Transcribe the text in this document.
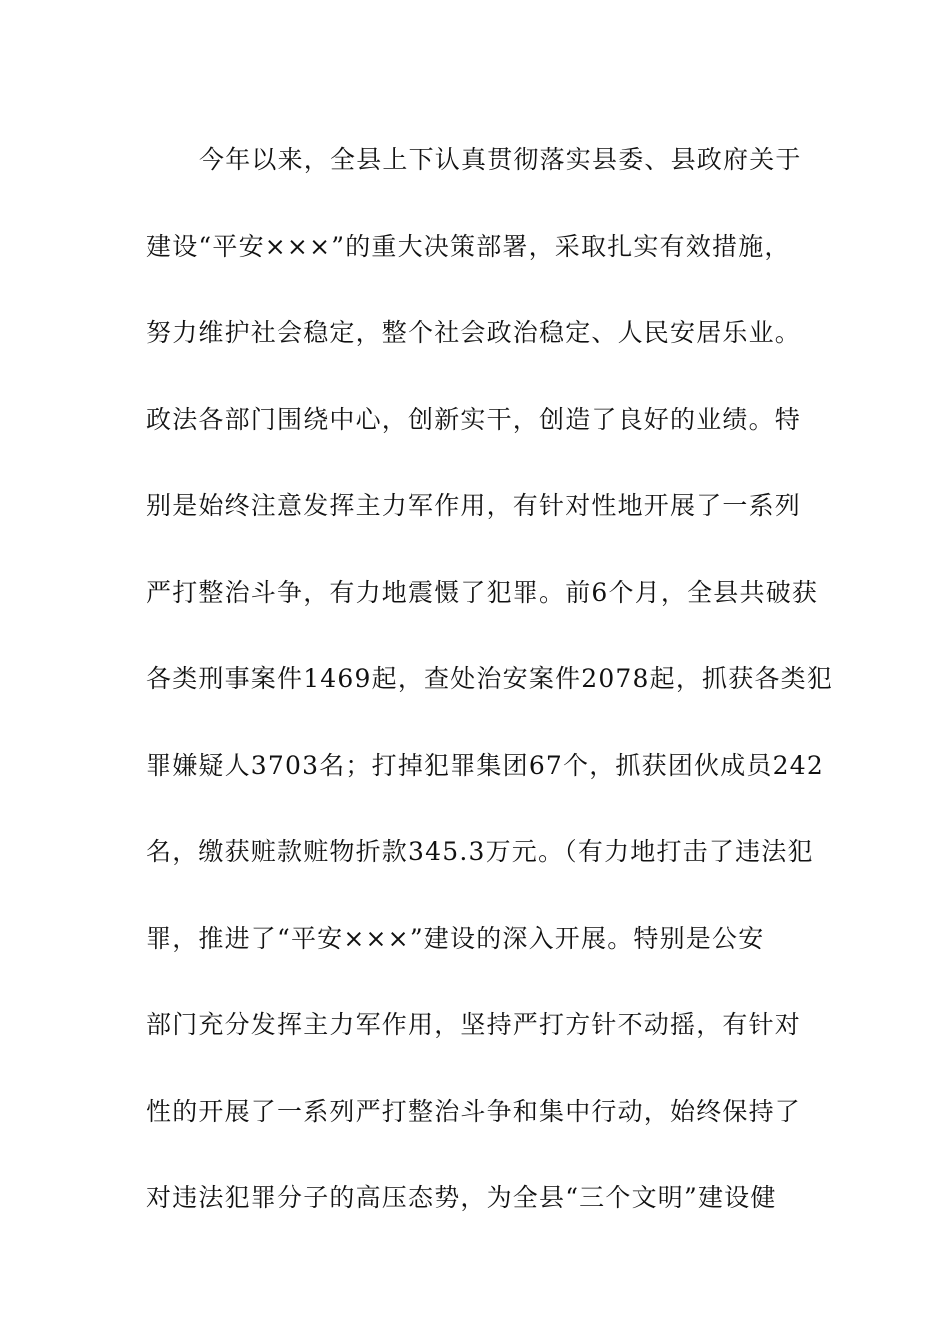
今年以来，全县上下认真贯彻落实县委、县政府关于
建设“平安×××”的重大决策部署，采取扎实有效措施，
努力维护社会稳定，整个社会政治稳定、人民安居乐业。
政法各部门围绕中心，创新实干，创造了良好的业绩。特
别是始终注意发挥主力军作用，有针对性地开展了一系列
严打整治斗争，有力地震慑了犯罪。前6个月，全县共破获
各类刑事案件1469起，查处治安案件2078起，抓获各类犯
罪嫌疑人3703名；打掉犯罪集团67个，抓获团伙成员242
名，缴获赃款赃物折款345.3万元。（有力地打击了违法犯
罪，推进了“平安×××”建设的深入开展。特别是公安
部门充分发挥主力军作用，坚持严打方针不动摇，有针对
性的开展了一系列严打整治斗争和集中行动，始终保持了
对违法犯罪分子的高压态势，为全县“三个文明”建设健
